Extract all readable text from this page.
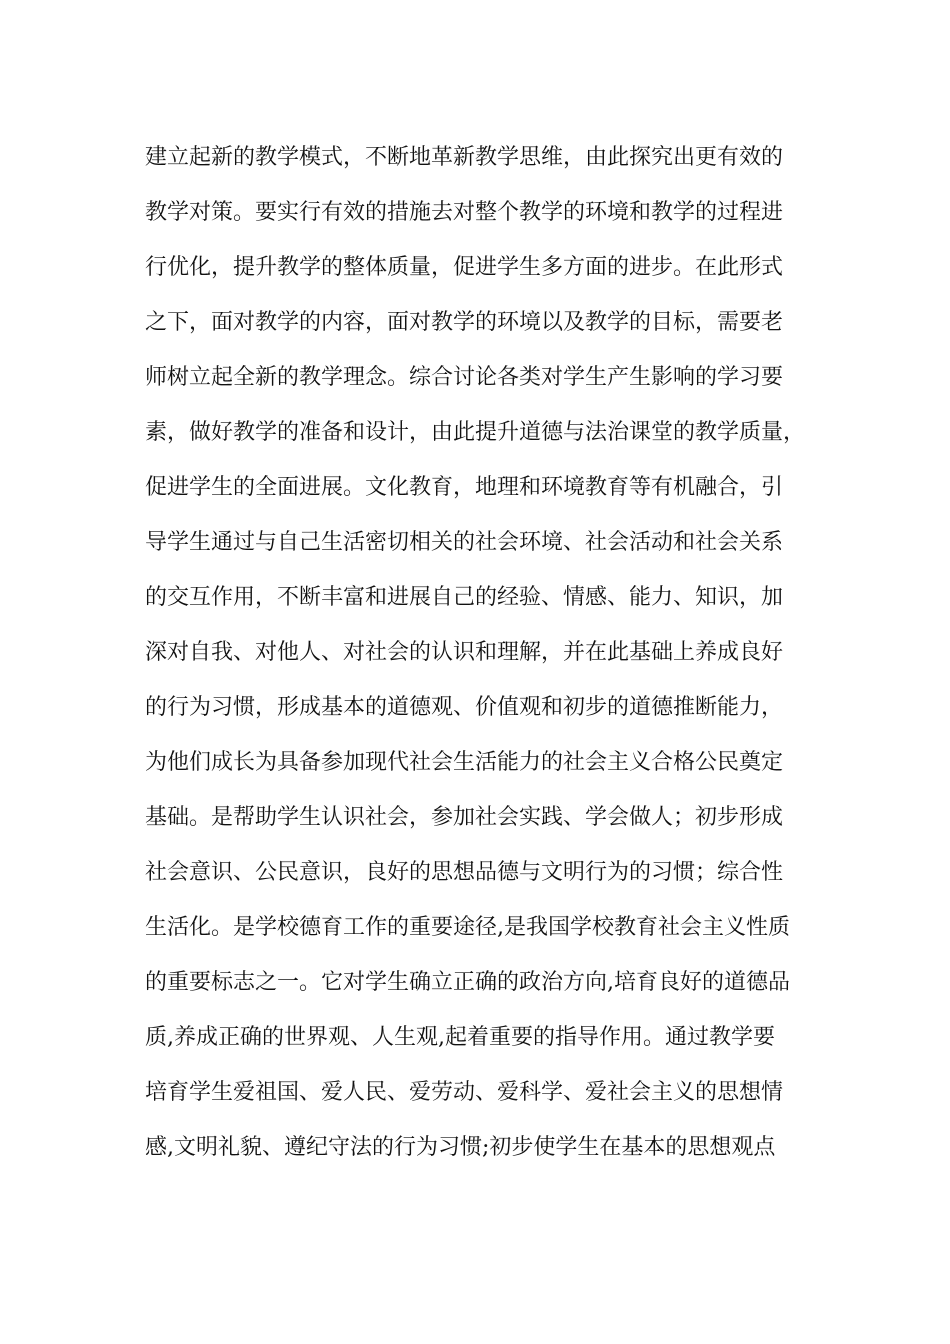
建立起新的教学模式，不断地革新教学思维，由此探究出更有效的
教学对策。要实行有效的措施去对整个教学的环境和教学的过程进
行优化，提升教学的整体质量，促进学生多方面的进步。在此形式
之下，面对教学的内容，面对教学的环境以及教学的目标，需要老
师树立起全新的教学理念。综合讨论各类对学生产生影响的学习要
素，做好教学的准备和设计，由此提升道德与法治课堂的教学质量，
促进学生的全面进展。文化教育，地理和环境教育等有机融合，引
导学生通过与自己生活密切相关的社会环境、社会活动和社会关系
的交互作用，不断丰富和进展自己的经验、情感、能力、知识，加
深对自我、对他人、对社会的认识和理解，并在此基础上养成良好
的行为习惯，形成基本的道德观、价值观和初步的道德推断能力，
为他们成长为具备参加现代社会生活能力的社会主义合格公民奠定
基础。是帮助学生认识社会，参加社会实践、学会做人；初步形成
社会意识、公民意识，良好的思想品德与文明行为的习惯；综合性
生活化。是学校德育工作的重要途径,是我国学校教育社会主义性质
的重要标志之一。它对学生确立正确的政治方向,培育良好的道德品
质,养成正确的世界观、人生观,起着重要的指导作用。通过教学要
培育学生爱祖国、爱人民、爱劳动、爱科学、爱社会主义的思想情
感,文明礼貌、遵纪守法的行为习惯;初步使学生在基本的思想观点
